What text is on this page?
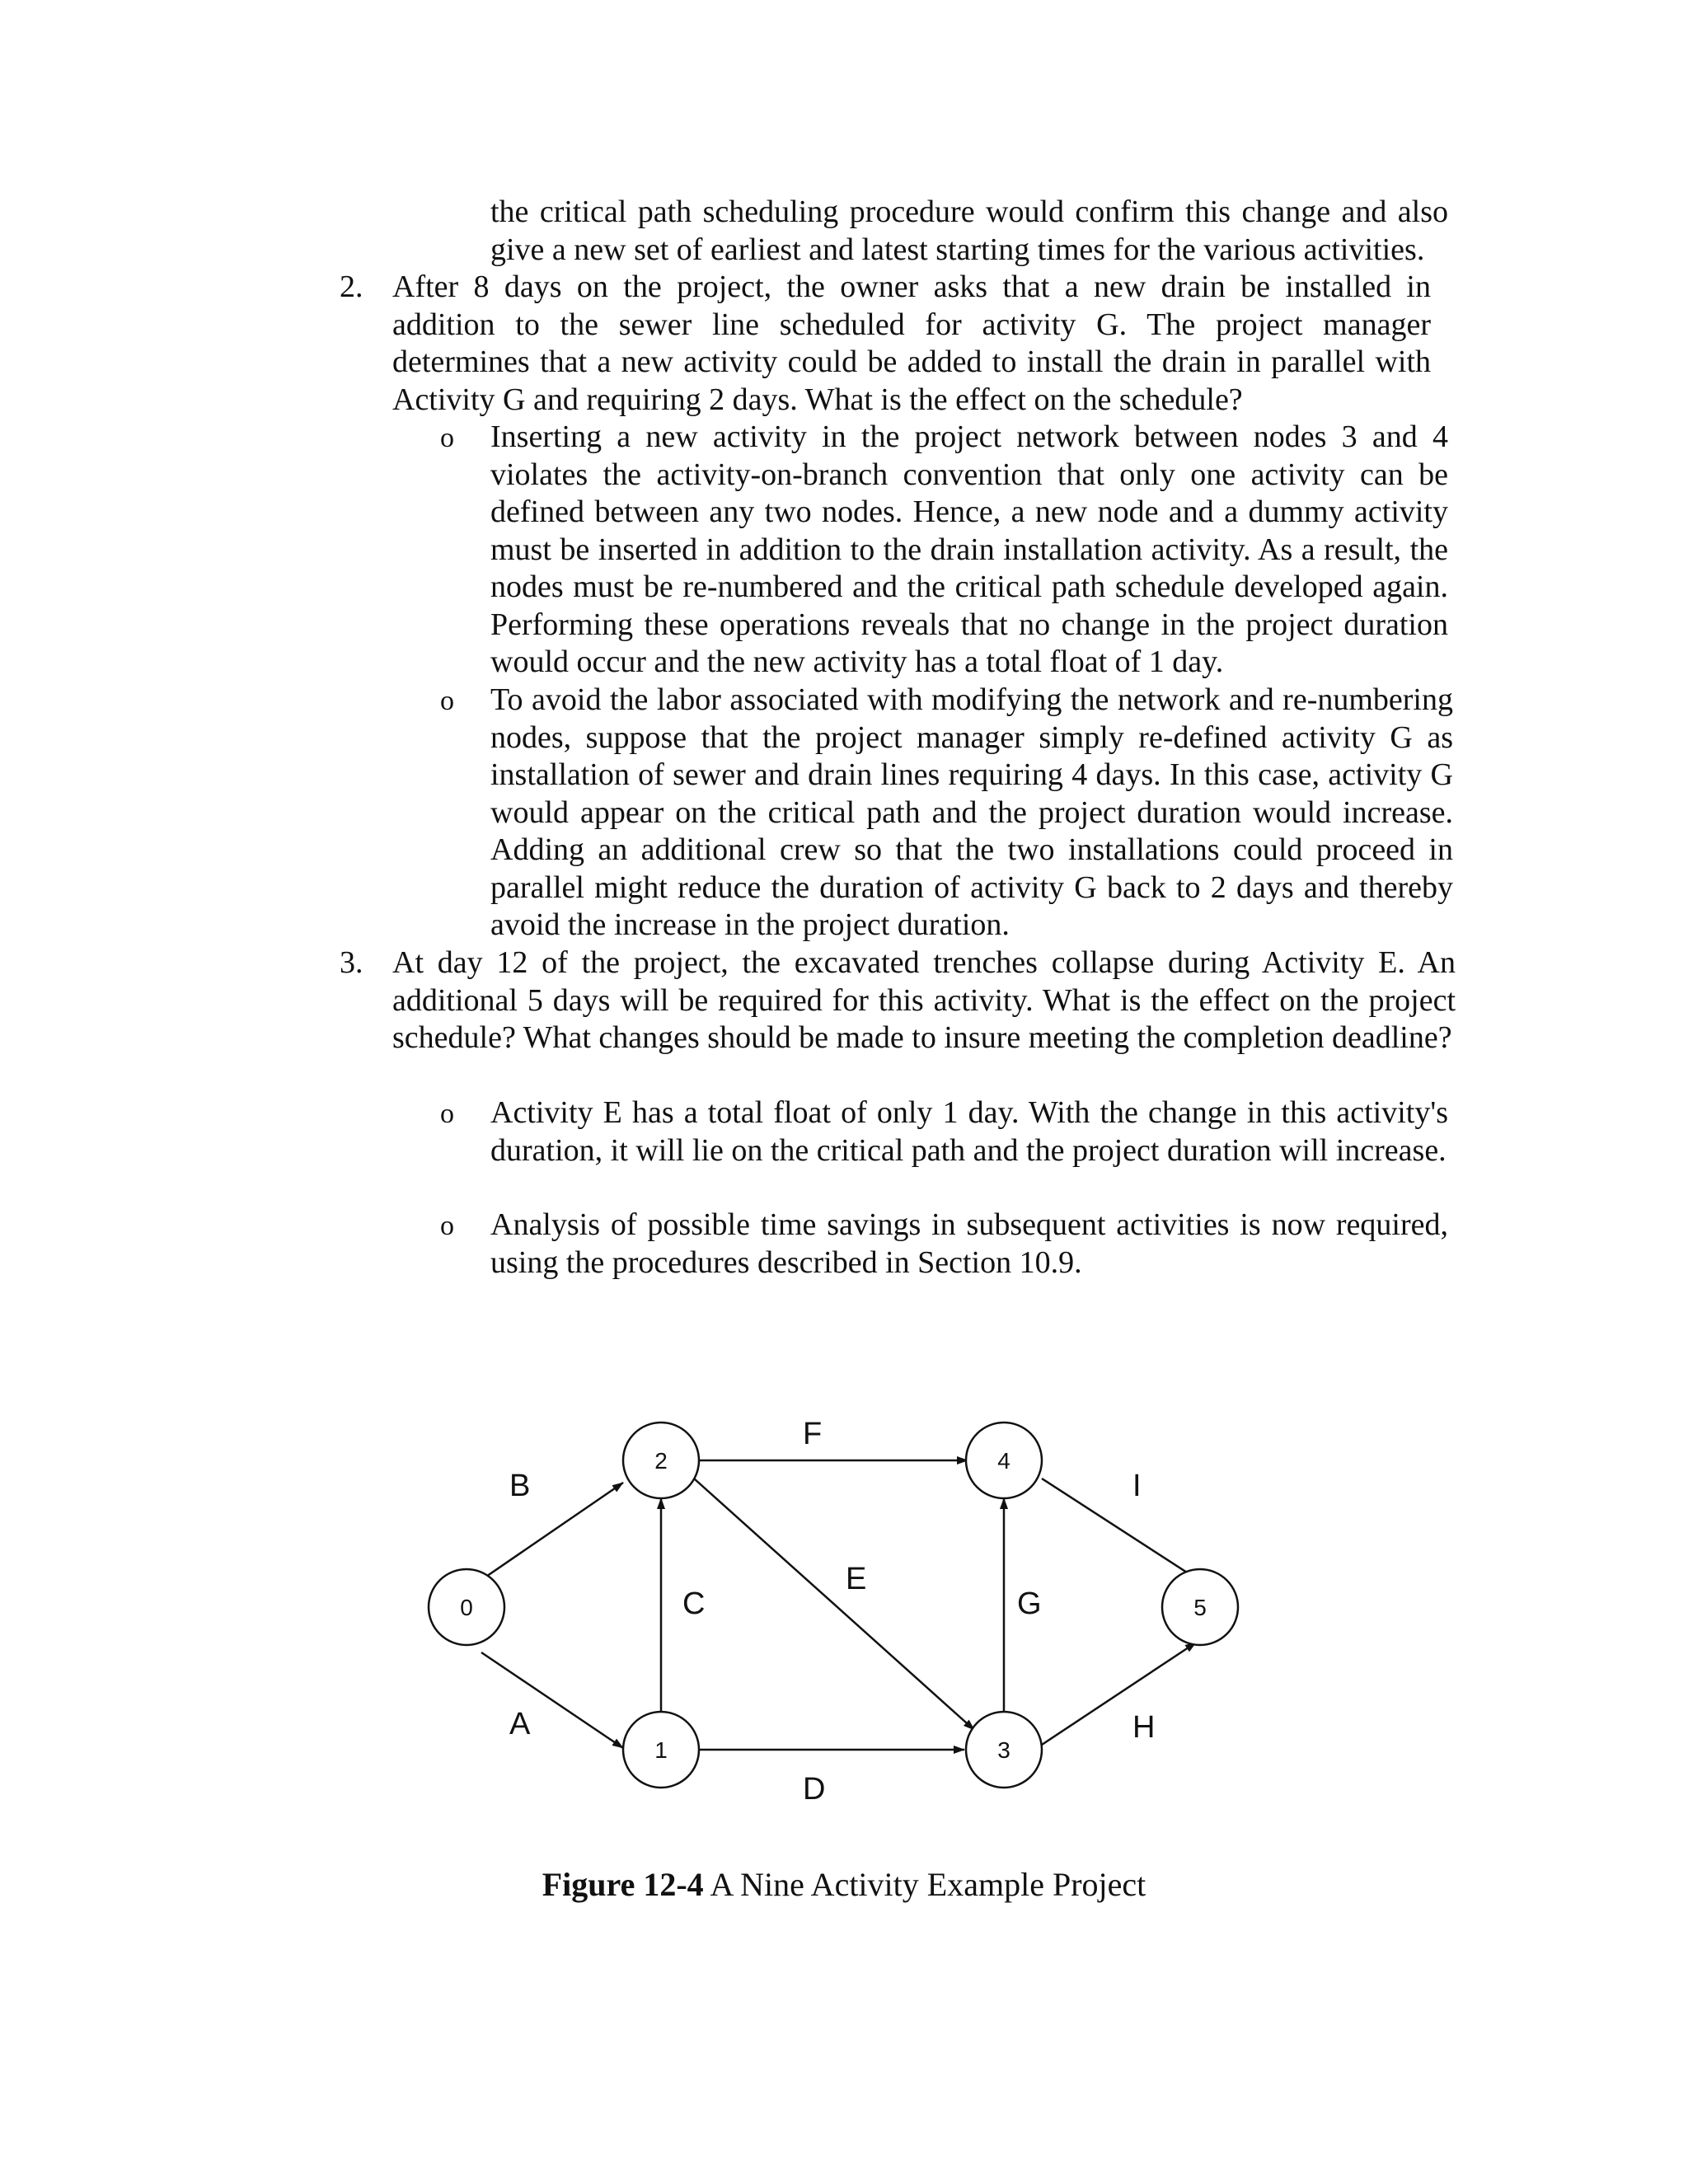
the critical path scheduling procedure would confirm this change and also give a new set of earliest and latest starting times for the various activities.
2. After 8 days on the project, the owner asks that a new drain be installed in addition to the sewer line scheduled for activity G. The project manager determines that a new activity could be added to install the drain in parallel with Activity G and requiring 2 days. What is the effect on the schedule?
o Inserting a new activity in the project network between nodes 3 and 4 violates the activity-on-branch convention that only one activity can be defined between any two nodes. Hence, a new node and a dummy activity must be inserted in addition to the drain installation activity. As a result, the nodes must be re-numbered and the critical path schedule developed again. Performing these operations reveals that no change in the project duration would occur and the new activity has a total float of 1 day.
o To avoid the labor associated with modifying the network and re-numbering nodes, suppose that the project manager simply re-defined activity G as installation of sewer and drain lines requiring 4 days. In this case, activity G would appear on the critical path and the project duration would increase. Adding an additional crew so that the two installations could proceed in parallel might reduce the duration of activity G back to 2 days and thereby avoid the increase in the project duration.
3. At day 12 of the project, the excavated trenches collapse during Activity E. An additional 5 days will be required for this activity. What is the effect on the project schedule? What changes should be made to insure meeting the completion deadline?
o Activity E has a total float of only 1 day. With the change in this activity's duration, it will lie on the critical path and the project duration will increase.
o Analysis of possible time savings in subsequent activities is now required, using the procedures described in Section 10.9.
A
B
C
D
E
F
G
H
I
0
1
2
3
4
5
Figure 12-4 A Nine Activity Example Project
